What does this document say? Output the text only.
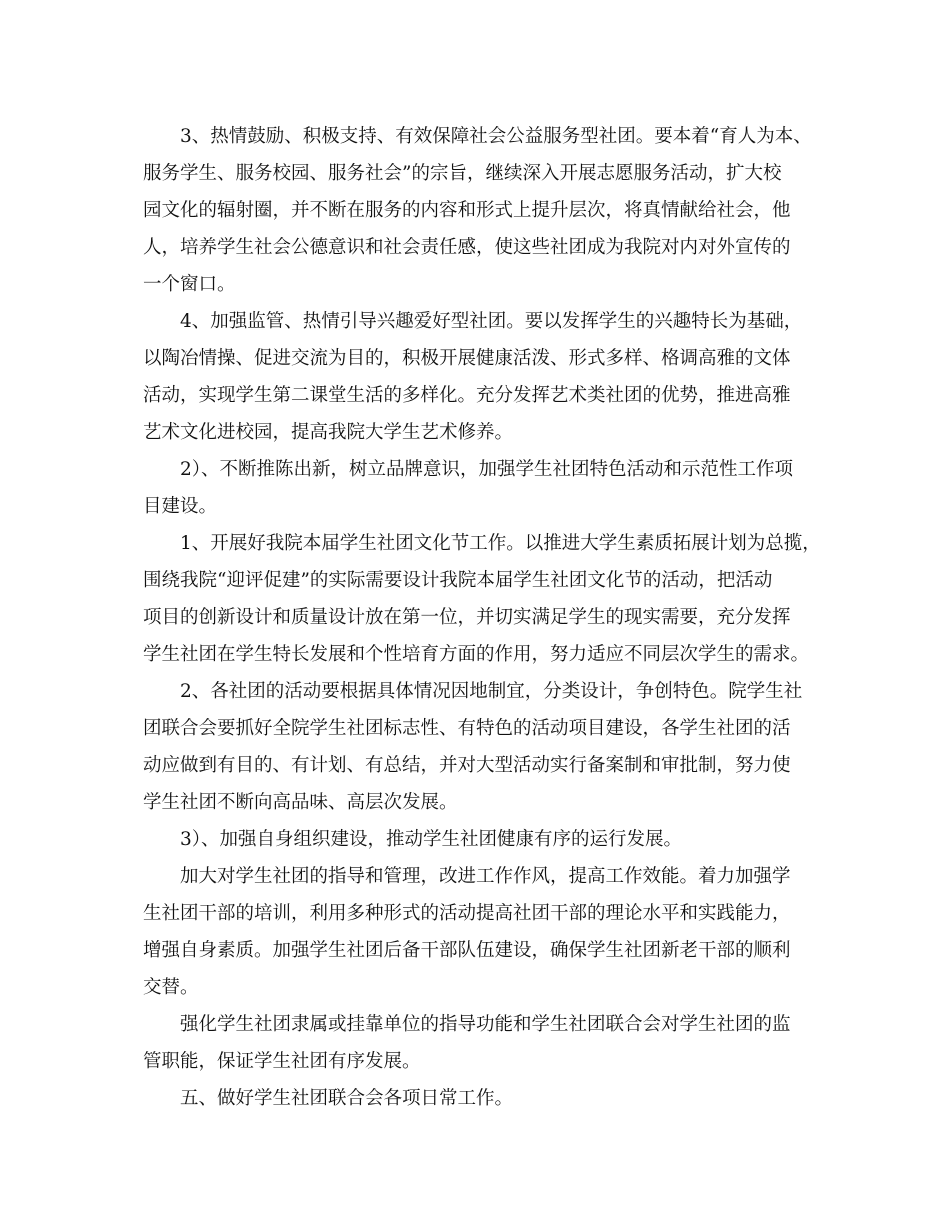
3、热情鼓励、积极支持、有效保障社会公益服务型社团。要本着“育人为本、
服务学生、服务校园、服务社会”的宗旨，继续深入开展志愿服务活动，扩大校
园文化的辐射圈，并不断在服务的内容和形式上提升层次，将真情献给社会，他
人，培养学生社会公德意识和社会责任感，使这些社团成为我院对内对外宣传的
一个窗口。
4、加强监管、热情引导兴趣爱好型社团。要以发挥学生的兴趣特长为基础，
以陶冶情操、促进交流为目的，积极开展健康活泼、形式多样、格调高雅的文体
活动，实现学生第二课堂生活的多样化。充分发挥艺术类社团的优势，推进高雅
艺术文化进校园，提高我院大学生艺术修养。
2）、不断推陈出新，树立品牌意识，加强学生社团特色活动和示范性工作项
目建设。
1、开展好我院本届学生社团文化节工作。以推进大学生素质拓展计划为总揽，
围绕我院“迎评促建”的实际需要设计我院本届学生社团文化节的活动，把活动
项目的创新设计和质量设计放在第一位，并切实满足学生的现实需要，充分发挥
学生社团在学生特长发展和个性培育方面的作用，努力适应不同层次学生的需求。
2、各社团的活动要根据具体情况因地制宜，分类设计，争创特色。院学生社
团联合会要抓好全院学生社团标志性、有特色的活动项目建设，各学生社团的活
动应做到有目的、有计划、有总结，并对大型活动实行备案制和审批制，努力使
学生社团不断向高品味、高层次发展。
3）、加强自身组织建设，推动学生社团健康有序的运行发展。
加大对学生社团的指导和管理，改进工作作风，提高工作效能。着力加强学
生社团干部的培训，利用多种形式的活动提高社团干部的理论水平和实践能力，
增强自身素质。加强学生社团后备干部队伍建设，确保学生社团新老干部的顺利
交替。
强化学生社团隶属或挂靠单位的指导功能和学生社团联合会对学生社团的监
管职能，保证学生社团有序发展。
五、做好学生社团联合会各项日常工作。
